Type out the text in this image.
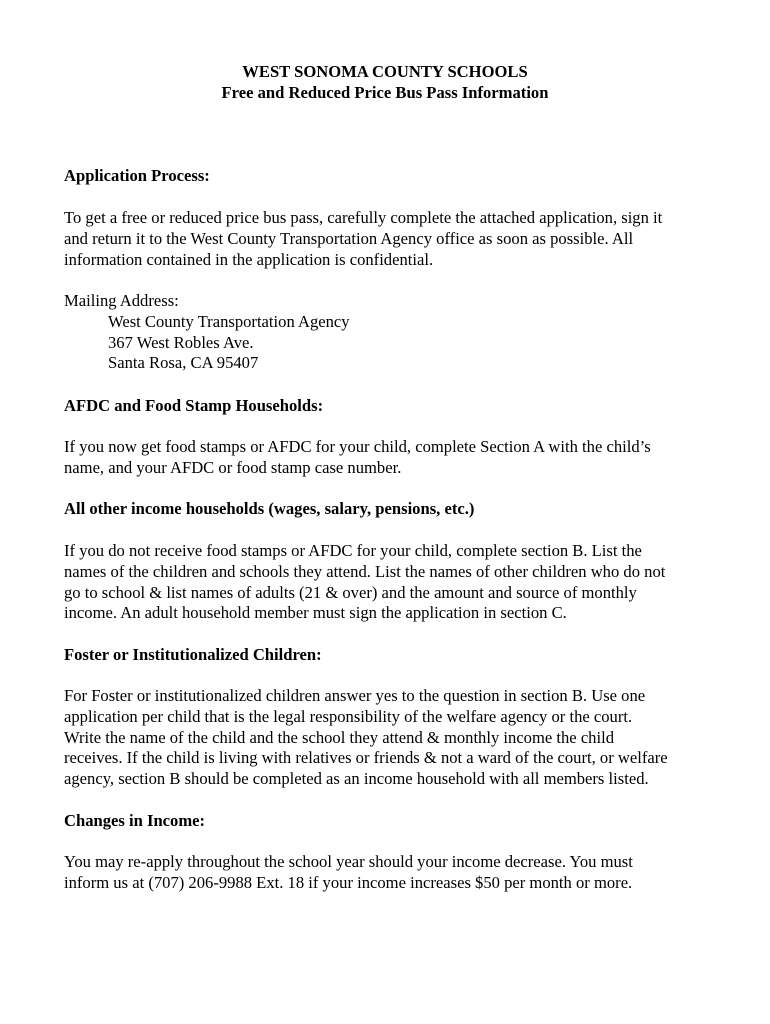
WEST SONOMA COUNTY SCHOOLS
Free and Reduced Price Bus Pass Information
Application Process:
To get a free or reduced price bus pass, carefully complete the attached application, sign it
and return it to the West County Transportation Agency office as soon as possible. All
information contained in the application is confidential.
Mailing Address:
West County Transportation Agency
367 West Robles Ave.
Santa Rosa, CA 95407
AFDC and Food Stamp Households:
If you now get food stamps or AFDC for your child, complete Section A with the child’s
name, and your AFDC or food stamp case number.
All other income households (wages, salary, pensions, etc.)
If you do not receive food stamps or AFDC for your child, complete section B. List the
names of the children and schools they attend. List the names of other children who do not
go to school & list names of adults (21 & over) and the amount and source of monthly
income. An adult household member must sign the application in section C.
Foster or Institutionalized Children:
For Foster or institutionalized children answer yes to the question in section B. Use one
application per child that is the legal responsibility of the welfare agency or the court.
Write the name of the child and the school they attend & monthly income the child
receives. If the child is living with relatives or friends & not a ward of the court, or welfare
agency, section B should be completed as an income household with all members listed.
Changes in Income:
You may re-apply throughout the school year should your income decrease. You must
inform us at (707) 206-9988 Ext. 18 if your income increases $50 per month or more.
